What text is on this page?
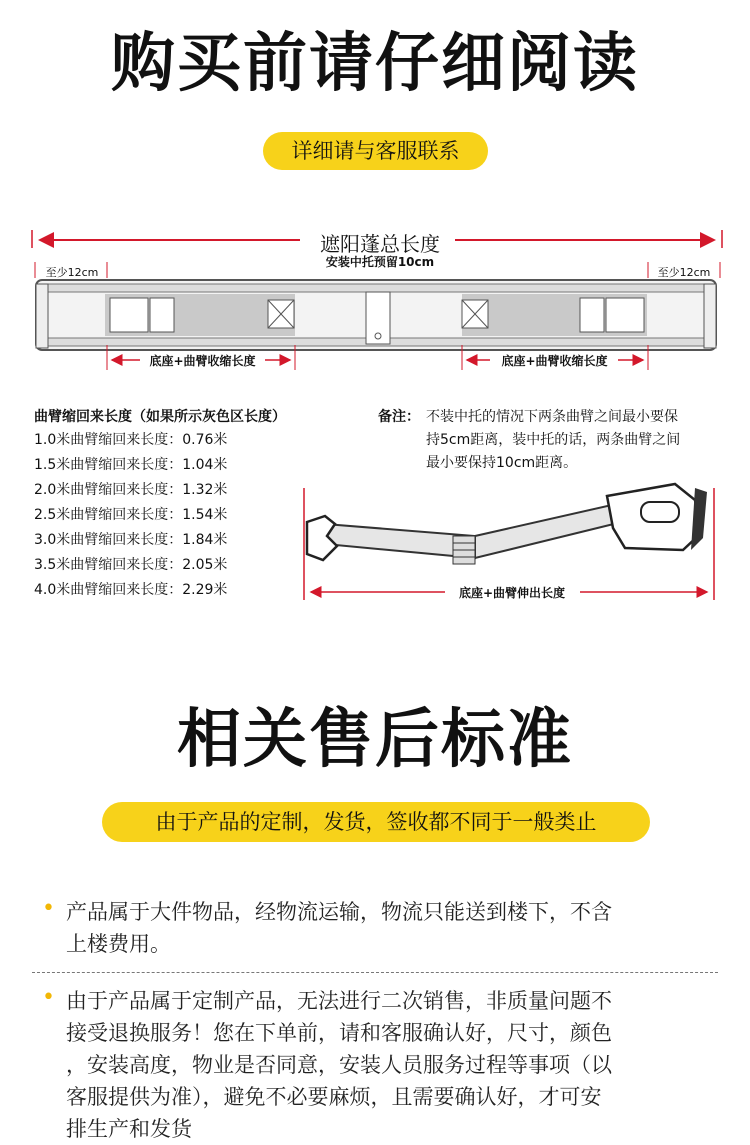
购买前请仔细阅读
详细请与客服联系
遮阳蓬总长度
安装中托预留10cm
至少12cm	至少12cm
底座+曲臂收缩长度	底座+曲臂收缩长度
曲臂缩回来长度（如果所示灰色区长度）
1.0米曲臂缩回来长度：0.76米
1.5米曲臂缩回来长度：1.04米
2.0米曲臂缩回来长度：1.32米
2.5米曲臂缩回来长度：1.54米
3.0米曲臂缩回来长度：1.84米
3.5米曲臂缩回来长度：2.05米
4.0米曲臂缩回来长度：2.29米
备注： 不装中托的情况下两条曲臂之间最小要保
持5cm距离，装中托的话，两条曲臂之间
最小要保持10cm距离。
底座+曲臂伸出长度
相关售后标准
由于产品的定制，发货，签收都不同于一般类止
• 产品属于大件物品，经物流运输，物流只能送到楼下，不含
上楼费用。
• 由于产品属于定制产品，无法进行二次销售，非质量问题不
接受退换服务！您在下单前，请和客服确认好，尺寸，颜色
，安装高度，物业是否同意，安装人员服务过程等事项（以
客服提供为准），避免不必要麻烦，且需要确认好，才可安
排生产和发货
